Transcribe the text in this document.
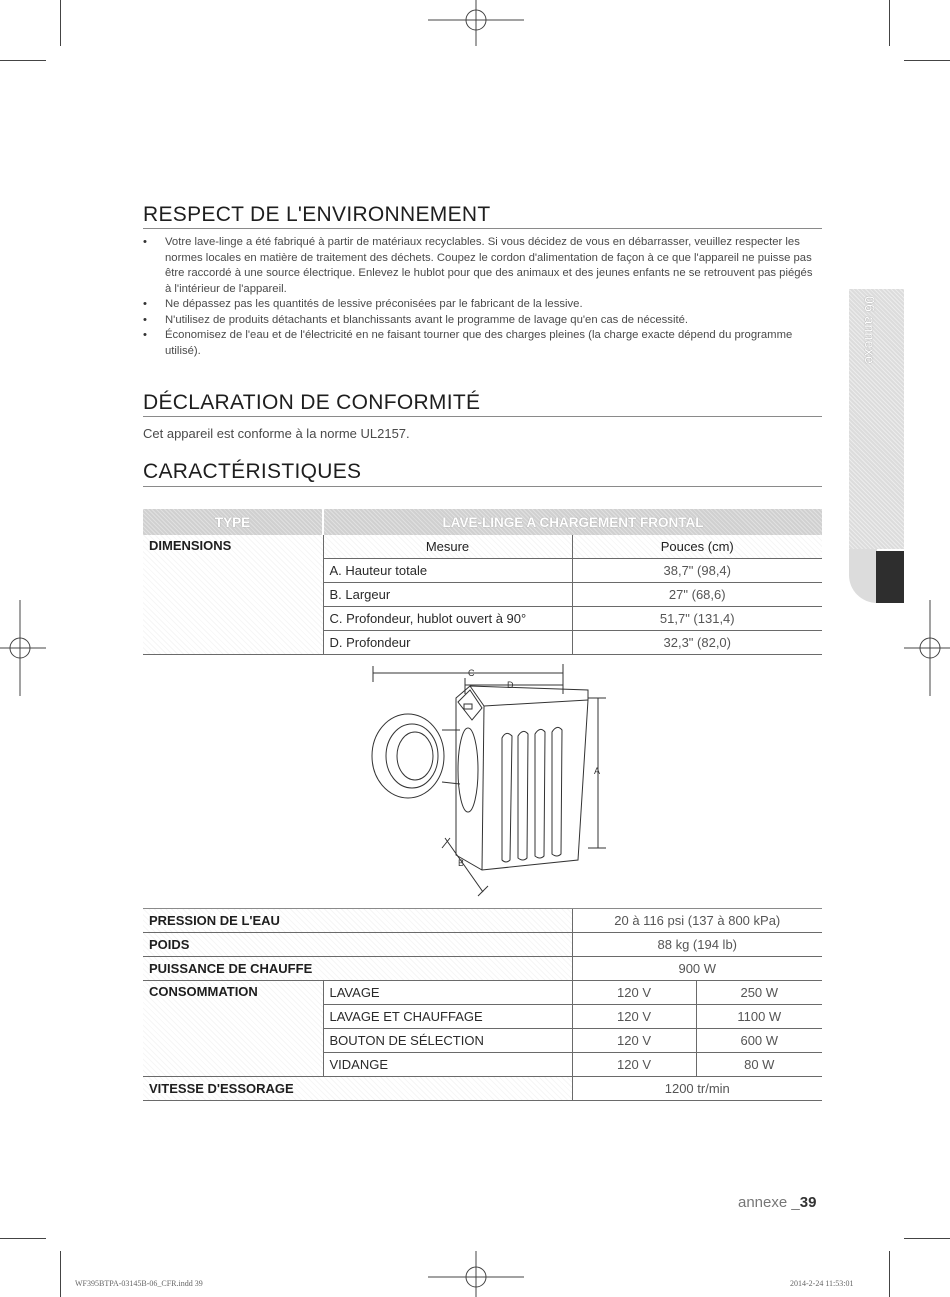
06 annexe
RESPECT DE L'ENVIRONNEMENT
• Votre lave-linge a été fabriqué à partir de matériaux recyclables. Si vous décidez de vous en débarrasser, veuillez respecter les normes locales en matière de traitement des déchets. Coupez le cordon d'alimentation de façon à ce que l'appareil ne puisse pas être raccordé à une source électrique. Enlevez le hublot pour que des animaux et des jeunes enfants ne se retrouvent pas piégés à l'intérieur de l'appareil.
• Ne dépassez pas les quantités de lessive préconisées par le fabricant de la lessive.
• N'utilisez de produits détachants et blanchissants avant le programme de lavage qu'en cas de nécessité.
• Économisez de l'eau et de l'électricité en ne faisant tourner que des charges pleines (la charge exacte dépend du programme utilisé).
DÉCLARATION DE CONFORMITÉ
Cet appareil est conforme à la norme UL2157.
CARACTÉRISTIQUES
TYPE	LAVE-LINGE A CHARGEMENT FRONTAL	
DIMENSIONS	Mesure	Pouces (cm)
	A. Hauteur totale	38,7" (98,4)
	B. Largeur	27" (68,6)
	C. Profondeur, hublot ouvert à 90°	51,7" (131,4)
	D. Profondeur	32,3" (82,0)
C
D
A
B
PRESSION DE L'EAU		20 à 116 psi (137 à 800 kPa)	
POIDS		88 kg (194 lb)	
PUISSANCE DE CHAUFFE		900 W	
CONSOMMATION	LAVAGE	120 V	250 W
	LAVAGE ET CHAUFFAGE	120 V	1100 W
	BOUTON DE SÉLECTION	120 V	600 W
	VIDANGE	120 V	80 W
VITESSE D'ESSORAGE		1200 tr/min	
annexe _39
WF395BTPA-03145B-06_CFR.indd 39	2014-2-24 11:53:01
